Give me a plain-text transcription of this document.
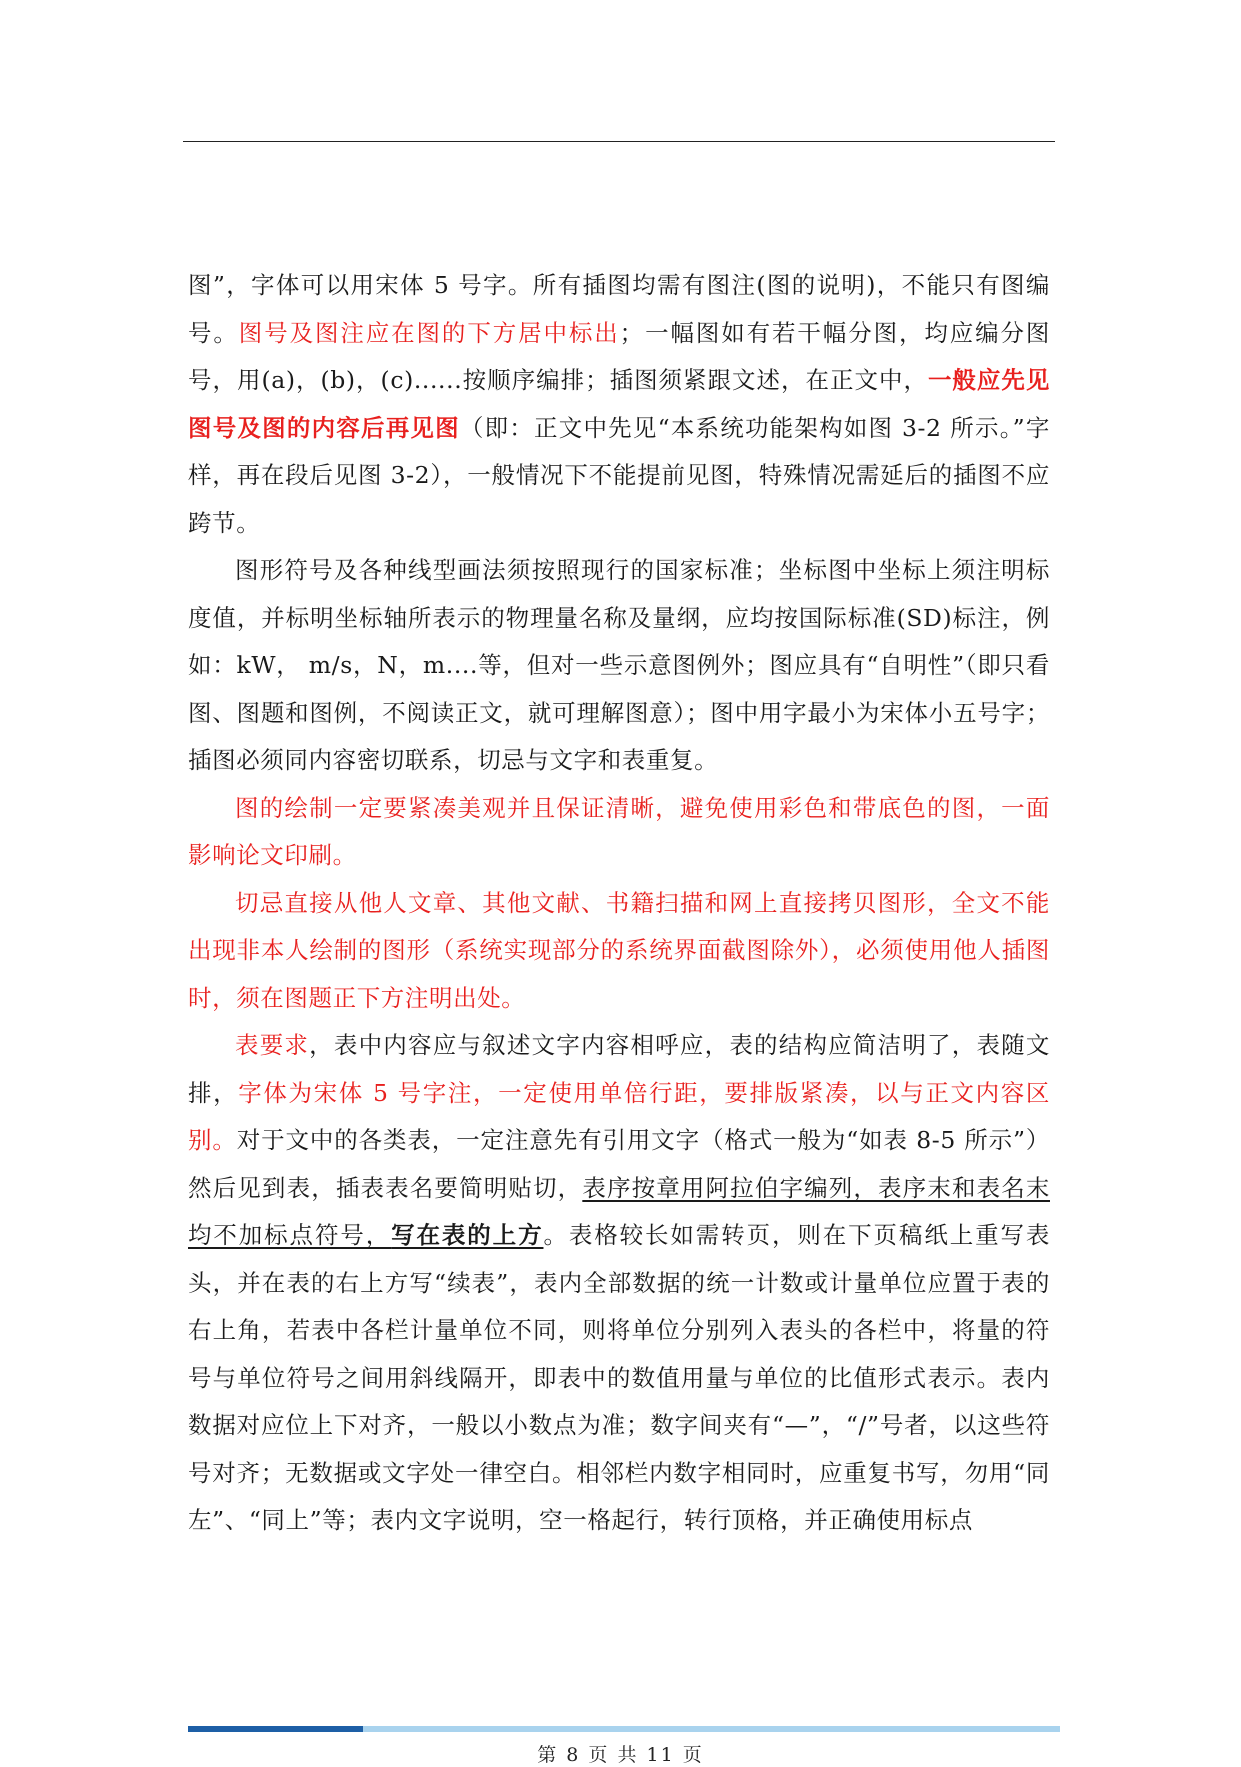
图”，字体可以用宋体 5 号字。所有插图均需有图注(图的说明)，不能只有图编号。图号及图注应在图的下方居中标出；一幅图如有若干幅分图，均应编分图号，用(a)，(b)，(c)......按顺序编排；插图须紧跟文述，在正文中，一般应先见图号及图的内容后再见图（即：正文中先见“本系统功能架构如图 3-2 所示。”字样，再在段后见图 3-2），一般情况下不能提前见图，特殊情况需延后的插图不应跨节。

图形符号及各种线型画法须按照现行的国家标准；坐标图中坐标上须注明标度值，并标明坐标轴所表示的物理量名称及量纲，应均按国际标准(SD)标注，例如：kW， m/s，N，m....等，但对一些示意图例外；图应具有“自明性”（即只看图、图题和图例，不阅读正文，就可理解图意）；图中用字最小为宋体小五号字；插图必须同内容密切联系，切忌与文字和表重复。

图的绘制一定要紧凑美观并且保证清晰，避免使用彩色和带底色的图，一面影响论文印刷。

切忌直接从他人文章、其他文献、书籍扫描和网上直接拷贝图形，全文不能出现非本人绘制的图形（系统实现部分的系统界面截图除外），必须使用他人插图时，须在图题正下方注明出处。

表要求，表中内容应与叙述文字内容相呼应，表的结构应简洁明了，表随文排，字体为宋体 5 号字注，一定使用单倍行距，要排版紧凑，以与正文内容区别。对于文中的各类表，一定注意先有引用文字（格式一般为“如表 8-5 所示”）然后见到表，插表表名要简明贴切，表序按章用阿拉伯字编列，表序末和表名末均不加标点符号，写在表的上方。表格较长如需转页，则在下页稿纸上重写表头，并在表的右上方写“续表”，表内全部数据的统一计数或计量单位应置于表的右上角，若表中各栏计量单位不同，则将单位分别列入表头的各栏中，将量的符号与单位符号之间用斜线隔开，即表中的数值用量与单位的比值形式表示。表内数据对应位上下对齐，一般以小数点为准；数字间夹有“—”，“/”号者，以这些符号对齐；无数据或文字处一律空白。相邻栏内数字相同时，应重复书写，勿用“同左”、“同上”等；表内文字说明，空一格起行，转行顶格，并正确使用标点

第 8 页 共 11 页
